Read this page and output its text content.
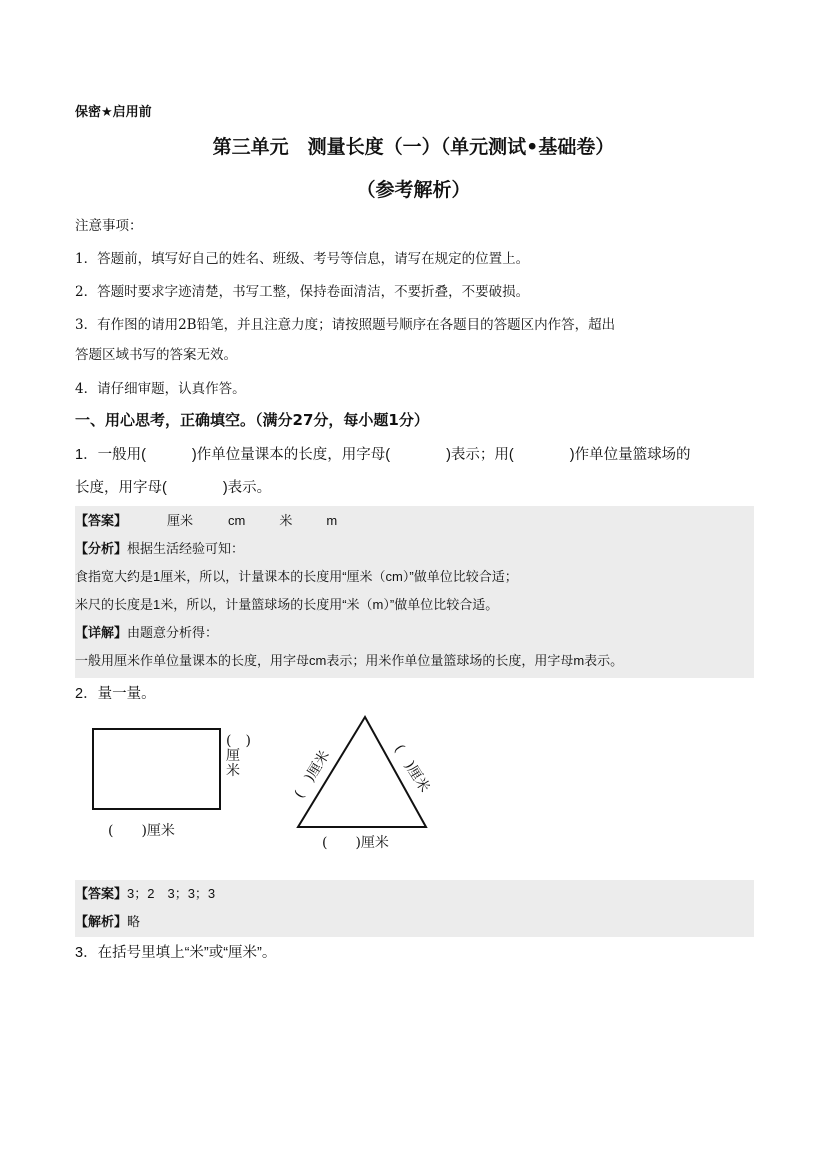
保密★启用前
第三单元　测量长度（一）（单元测试•基础卷）
（参考解析）
注意事项：
1．答题前，填写好自己的姓名、班级、考号等信息，请写在规定的位置上。
2．答题时要求字迹清楚，书写工整，保持卷面清洁，不要折叠，不要破损。
3．有作图的请用2B铅笔，并且注意力度；请按照题号顺序在各题目的答题区内作答，超出
答题区域书写的答案无效。
4．请仔细审题，认真作答。
一、用心思考，正确填空。（满分27分，每小题1分）
1．一般用(	)作单位量课本的长度，用字母(	)表示；用(	)作单位量篮球场的
长度，用字母(	)表示。
【答案】	厘米	cm	米	m
【分析】根据生活经验可知：
食指宽大约是1厘米，所以，计量课本的长度用“厘米（cm）”做单位比较合适；
米尺的长度是1米，所以，计量篮球场的长度用“米（m）”做单位比较合适。
【详解】由题意分析得：
一般用厘米作单位量课本的长度，用字母cm表示；用米作单位量篮球场的长度，用字母m表示。
2．量一量。
(　　)厘米
(　)厘米	(　)厘米	(　)厘米
(　　)厘米
【答案】3；2　3；3；3
【解析】略
3．在括号里填上“米”或“厘米”。
